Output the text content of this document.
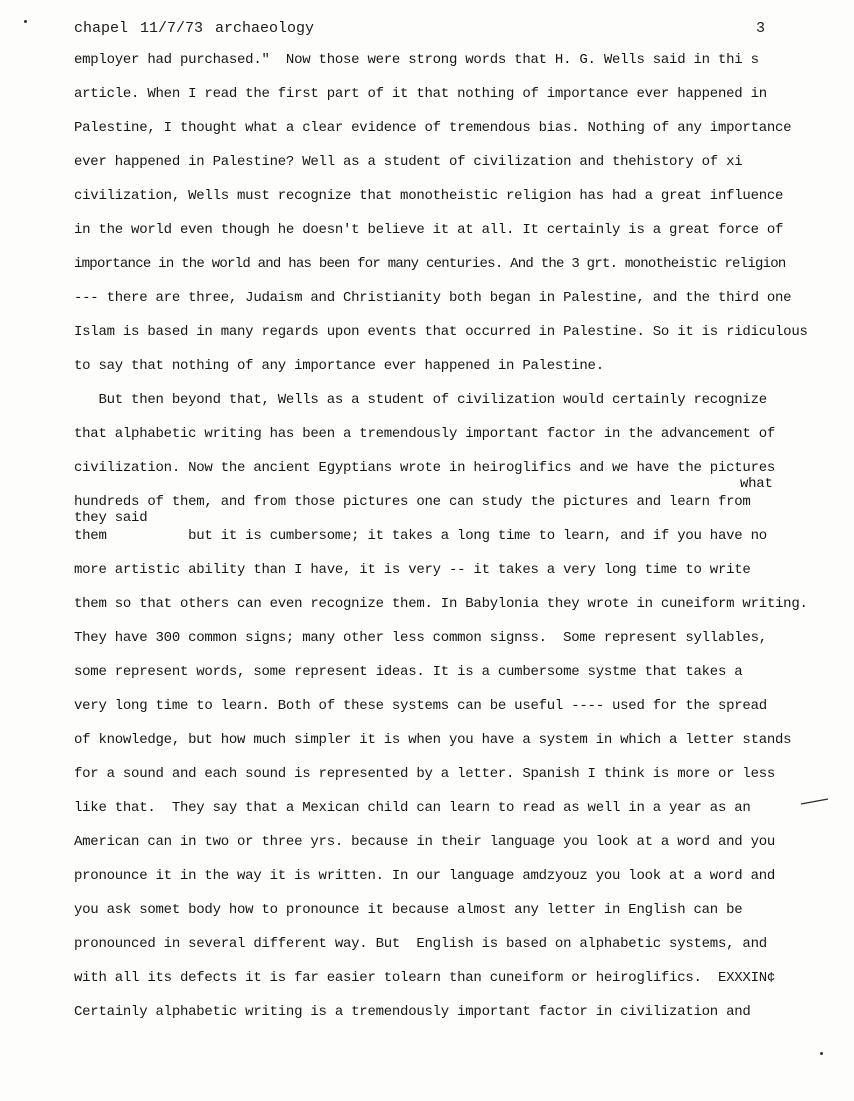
chapel 11/7/73 archaeology	3
employer had purchased."  Now those were strong words that H. G. Wells said in thi s
article. When I read the first part of it that nothing of importance ever happened in
Palestine, I thought what a clear evidence of tremendous bias. Nothing of any importance
ever happened in Palestine? Well as a student of civilization and thehistory of xi
civilization, Wells must recognize that monotheistic religion has had a great influence
in the world even though he doesn't believe it at all. It certainly is a great force of
importance in the world and has been for many centuries. And the 3 grt. monotheistic religion
--- there are three, Judaism and Christianity both began in Palestine, and the third one
Islam is based in many regards upon events that occurred in Palestine. So it is ridiculous
to say that nothing of any importance ever happened in Palestine.
But then beyond that, Wells as a student of civilization would certainly recognize
that alphabetic writing has been a tremendously important factor in the advancement of
civilization. Now the ancient Egyptians wrote in heiroglifics and we have the pictures
what
hundreds of them, and from those pictures one can study the pictures and learn from
they said
them          but it is cumbersome; it takes a long time to learn, and if you have no
more artistic ability than I have, it is very -- it takes a very long time to write
them so that others can even recognize them. In Babylonia they wrote in cuneiform writing.
They have 300 common signs; many other less common signss.  Some represent syllables,
some represent words, some represent ideas. It is a cumbersome systme that takes a
very long time to learn. Both of these systems can be useful ---- used for the spread
of knowledge, but how much simpler it is when you have a system in which a letter stands
for a sound and each sound is represented by a letter. Spanish I think is more or less
like that.  They say that a Mexican child can learn to read as well in a year as an
American can in two or three yrs. because in their language you look at a word and you
pronounce it in the way it is written. In our language amdzyouz you look at a word and
you ask somet body how to pronounce it because almost any letter in English can be
pronounced in several different way. But  English is based on alphabetic systems, and
with all its defects it is far easier tolearn than cuneiform or heiroglifics.  EXXXIN¢
Certainly alphabetic writing is a tremendously important factor in civilization and
